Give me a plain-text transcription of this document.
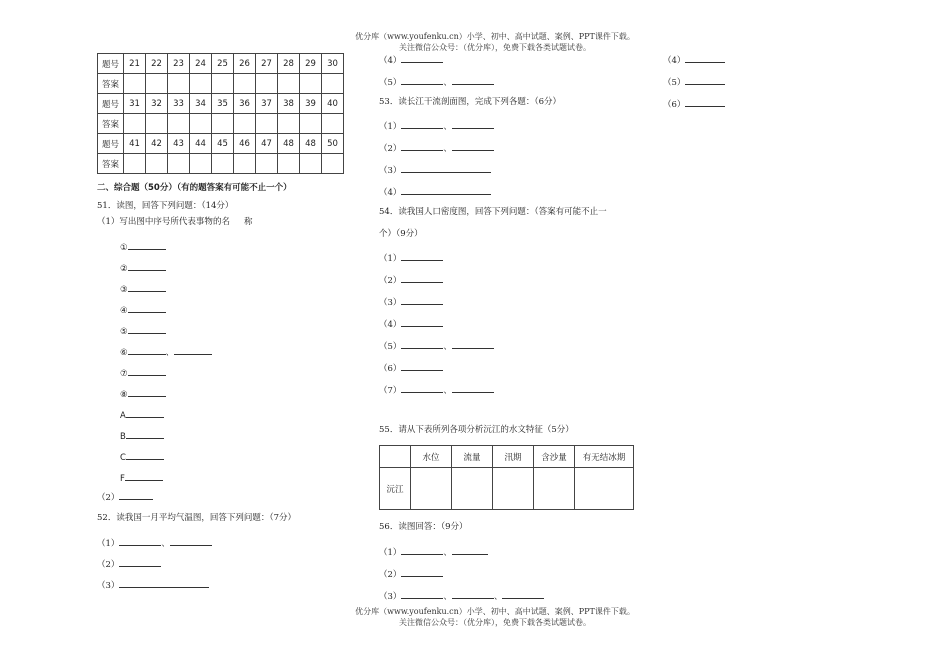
优分库（www.youfenku.cn）小学、初中、高中试题、案例、PPT课件下载。
关注微信公众号：（优分库），免费下载各类试题试卷。
题号	21	22	23	24	25	26	27	28	29	30
答案										
题号	31	32	33	34	35	36	37	38	39	40
答案										
题号	41	42	43	44	45	46	47	48	48	50
答案										
二、综合题（50分）（有的题答案有可能不止一个）
51．读图，回答下列问题：（14分）
（1）写出图中序号所代表事物的名 称
①
②
③
④
⑤
⑥	、
⑦
⑧
A
B
C
F
（2）
52．读我国一月平均气温图，回答下列问题：（7分）
（1）	、
（2）
（3）
（4）
（5）	、
53．读长江干流剖面图，完成下列各题：（6分）
（1）	、
（2）	、
（3）
（4）
（4）
（5）
（6）
54．读我国人口密度图，回答下列问题：（答案有可能不止一
个）（9分）
（1）
（2）
（3）
（4）
（5）	、
（6）
（7）	、
55．请从下表所列各项分析沅江的水文特征（5分）
	水位	流量	汛期	含沙量	有无结冰期
沅江					
56．读图回答：（9分）
（1）	、
（2）
（3）	、	、
优分库（www.youfenku.cn）小学、初中、高中试题、案例、PPT课件下载。
关注微信公众号：（优分库），免费下载各类试题试卷。
